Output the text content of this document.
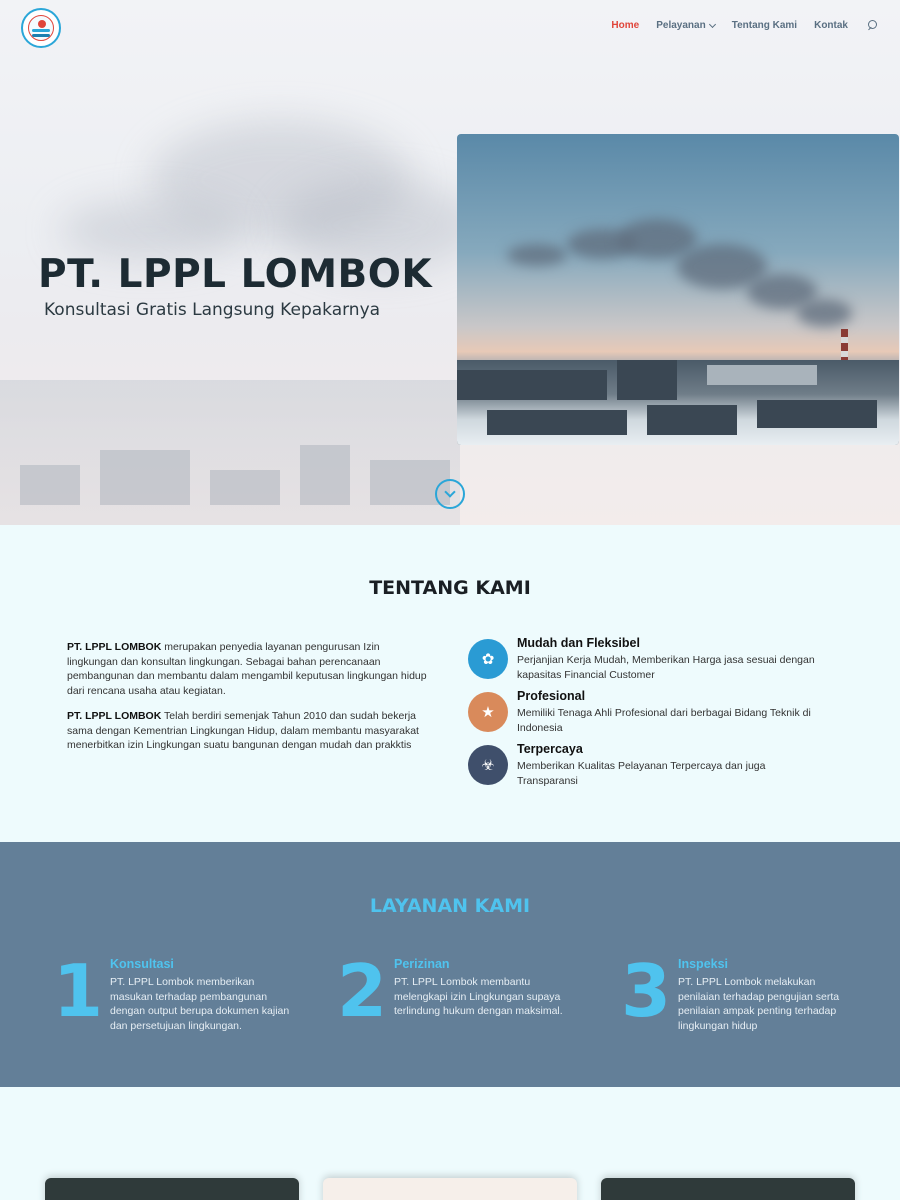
PT. LPPL LOMBOK

Konsultasi Gratis Langsung Kepakarnya

Home Pelayanan	Tentang Kami Kontak
TENTANG KAMI

PT. LPPL LOMBOK merupakan penyedia layanan pengurusan Izin lingkungan dan konsultan lingkungan. Sebagai bahan perencanaan pembangunan dan membantu dalam mengambil keputusan lingkungan hidup dari rencana usaha atau kegiatan.

PT. LPPL LOMBOK Telah berdiri semenjak Tahun 2010 dan sudah bekerja sama dengan Kementrian Lingkungan Hidup, dalam membantu masyarakat menerbitkan izin Lingkungan suatu bangunan dengan mudah dan prakktis

✿
Mudah dan Fleksibel
Perjanjian Kerja Mudah, Memberikan Harga jasa sesuai dengan kapasitas Financial Customer
★
Profesional
Memiliki Tenaga Ahli Profesional dari berbagai Bidang Teknik di Indonesia
☣
Terpercaya
Memberikan Kualitas Pelayanan Terpercaya dan juga Transparansi
LAYANAN KAMI
1 Konsultasi
PT. LPPL Lombok memberikan masukan terhadap pembangunan dengan output berupa dokumen kajian dan persetujuan lingkungan.	2 Perizinan
PT. LPPL Lombok membantu melengkapi izin Lingkungan supaya terlindung hukum dengan maksimal. 3 Inspeksi
PT. LPPL Lombok melakukan penilaian terhadap pengujian serta penilaian ampak penting terhadap lingkungan hidup
